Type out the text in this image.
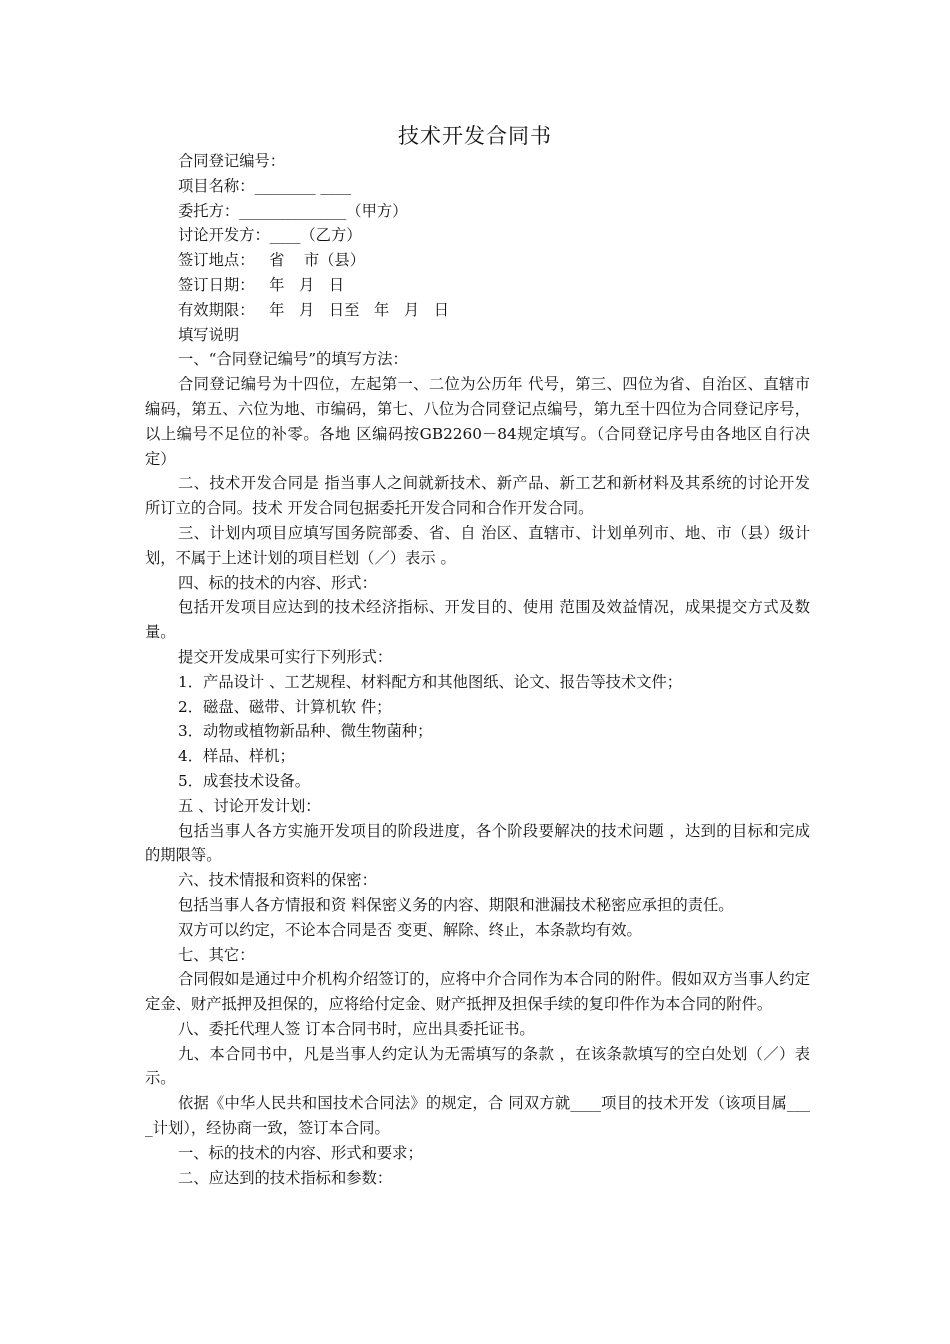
技术开发合同书

合同登记编号：

项目名称：________ ____

委托方：______________（甲方）

讨论开发方：____（乙方）

签订地点：   省    市（县）

签订日期：   年   月   日

有效期限：   年   月   日至   年   月   日

填写说明

一、“合同登记编号”的填写方法：

合同登记编号为十四位，左起第一、二位为公历年 代号，第三、四位为省、自治区、直辖市编码，第五、六位为地、市编码，第七、八位为合同登记点编号，第九至十四位为合同登记序号，以上编号不足位的补零。各地 区编码按GB2260－84规定填写。（合同登记序号由各地区自行决定）

二、技术开发合同是 指当事人之间就新技术、新产品、新工艺和新材料及其系统的讨论开发所订立的合同。技术 开发合同包据委托开发合同和合作开发合同。

三、计划内项目应填写国务院部委、省、自 治区、直辖市、计划单列市、地、市（县）级计划，不属于上述计划的项目栏划（／）表示 。

四、标的技术的内容、形式：

包括开发项目应达到的技术经济指标、开发目的、使用 范围及效益情况，成果提交方式及数量。

提交开发成果可实行下列形式：

1．产品设计 、工艺规程、材料配方和其他图纸、论文、报告等技术文件；

2．磁盘、磁带、计算机软 件；

3．动物或植物新品种、微生物菌种；

4．样品、样机；

5．成套技术设备。

五 、讨论开发计划：

包括当事人各方实施开发项目的阶段进度，各个阶段要解决的技术问题 ，达到的目标和完成的期限等。

六、技术情报和资料的保密：

包括当事人各方情报和资 料保密义务的内容、期限和泄漏技术秘密应承担的责任。

双方可以约定，不论本合同是否 变更、解除、终止，本条款均有效。

七、其它：

合同假如是通过中介机构介绍签订的，应将中介合同作为本合同的附件。假如双方当事人约定定金、财产抵押及担保的，应将给付定金、财产抵押及担保手续的复印件作为本合同的附件。

八、委托代理人签 订本合同书时，应出具委托证书。

九、本合同书中，凡是当事人约定认为无需填写的条款 ，在该条款填写的空白处划（／）表示。

依据《中华人民共和国技术合同法》的规定，合 同双方就____项目的技术开发（该项目属____计划），经协商一致，签订本合同。

一、标的技术的内容、形式和要求；

二、应达到的技术指标和参数：
